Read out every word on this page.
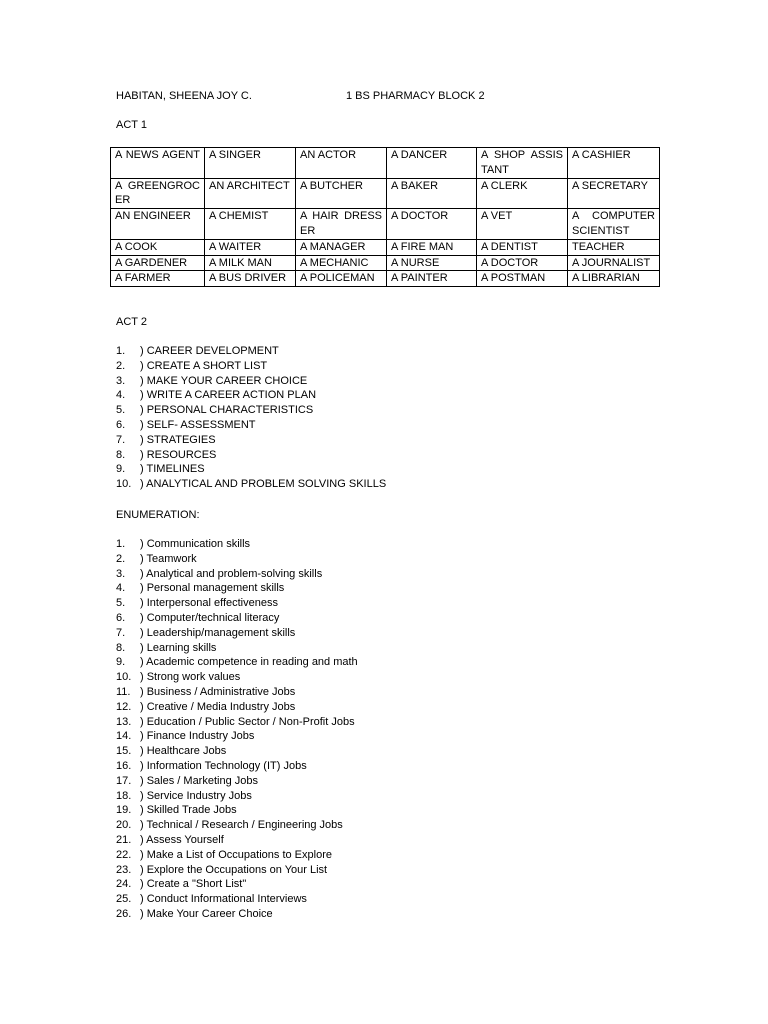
HABITAN, SHEENA JOY C.	1 BS PHARMACY BLOCK 2
ACT 1
A NEWS AGENT	A SINGER	AN ACTOR	A DANCER	A SHOP ASSISTANT	A CASHIER
A GREENGROCER	AN ARCHITECT	A BUTCHER	A BAKER	A CLERK	A SECRETARY
AN ENGINEER	A CHEMIST	A HAIR DRESSER	A DOCTOR	A VET	A COMPUTER SCIENTIST
A COOK	A WAITER	A MANAGER	A FIRE MAN	A DENTIST	TEACHER
A GARDENER	A MILK MAN	A MECHANIC	A NURSE	A DOCTOR	A JOURNALIST
A FARMER	A BUS DRIVER	A POLICEMAN	A PAINTER	A POSTMAN	A LIBRARIAN
ACT 2
1. ) CAREER DEVELOPMENT
2. ) CREATE A SHORT LIST
3. ) MAKE YOUR CAREER CHOICE
4. ) WRITE A CAREER ACTION PLAN
5. ) PERSONAL CHARACTERISTICS
6. ) SELF- ASSESSMENT
7. ) STRATEGIES
8. ) RESOURCES
9. ) TIMELINES
10. ) ANALYTICAL AND PROBLEM SOLVING SKILLS
ENUMERATION:
1. ) Communication skills
2. ) Teamwork
3. ) Analytical and problem-solving skills
4. ) Personal management skills
5. ) Interpersonal effectiveness
6. ) Computer/technical literacy
7. ) Leadership/management skills
8. ) Learning skills
9. ) Academic competence in reading and math
10. ) Strong work values
11. ) Business / Administrative Jobs
12. ) Creative / Media Industry Jobs
13. ) Education / Public Sector / Non-Profit Jobs
14. ) Finance Industry Jobs
15. ) Healthcare Jobs
16. ) Information Technology (IT) Jobs
17. ) Sales / Marketing Jobs
18. ) Service Industry Jobs
19. ) Skilled Trade Jobs
20. ) Technical / Research / Engineering Jobs
21. ) Assess Yourself
22. ) Make a List of Occupations to Explore
23. ) Explore the Occupations on Your List
24. ) Create a "Short List"
25. ) Conduct Informational Interviews
26. ) Make Your Career Choice
